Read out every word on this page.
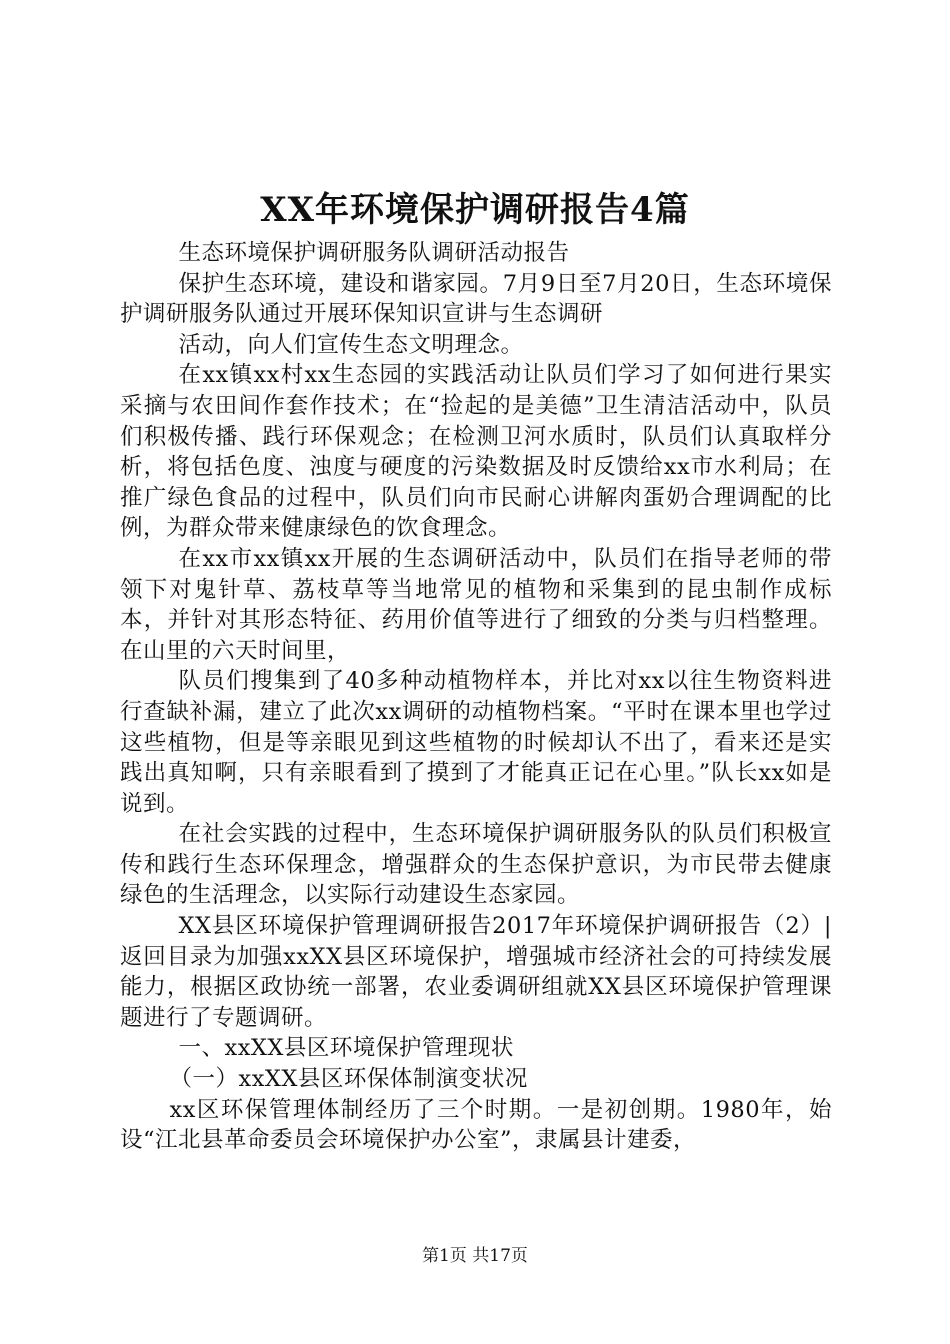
XX年环境保护调研报告4篇

生态环境保护调研服务队调研活动报告

保护生态环境，建设和谐家园。7月9日至7月20日，生态环境保护调研服务队通过开展环保知识宣讲与生态调研

活动，向人们宣传生态文明理念。

在xx镇xx村xx生态园的实践活动让队员们学习了如何进行果实采摘与农田间作套作技术；在“捡起的是美德”卫生清洁活动中，队员们积极传播、践行环保观念；在检测卫河水质时，队员们认真取样分析，将包括色度、浊度与硬度的污染数据及时反馈给xx市水利局；在推广绿色食品的过程中，队员们向市民耐心讲解肉蛋奶合理调配的比例，为群众带来健康绿色的饮食理念。

在xx市xx镇xx开展的生态调研活动中，队员们在指导老师的带领下对鬼针草、荔枝草等当地常见的植物和采集到的昆虫制作成标本，并针对其形态特征、药用价值等进行了细致的分类与归档整理。在山里的六天时间里，

队员们搜集到了40多种动植物样本，并比对xx以往生物资料进行查缺补漏，建立了此次xx调研的动植物档案。“平时在课本里也学过这些植物，但是等亲眼见到这些植物的时候却认不出了，看来还是实践出真知啊，只有亲眼看到了摸到了才能真正记在心里。”队长xx如是说到。

在社会实践的过程中，生态环境保护调研服务队的队员们积极宣传和践行生态环保理念，增强群众的生态保护意识，为市民带去健康绿色的生活理念，以实际行动建设生态家园。

XX县区环境保护管理调研报告2017年环境保护调研报告（2）|返回目录为加强xxXX县区环境保护，增强城市经济社会的可持续发展能力，根据区政协统一部署，农业委调研组就XX县区环境保护管理课题进行了专题调研。

一、xxXX县区环境保护管理现状

（一）xxXX县区环保体制演变状况

xx区环保管理体制经历了三个时期。一是初创期。1980年，始设“江北县革命委员会环境保护办公室”，隶属县计建委，

第1页 共17页
